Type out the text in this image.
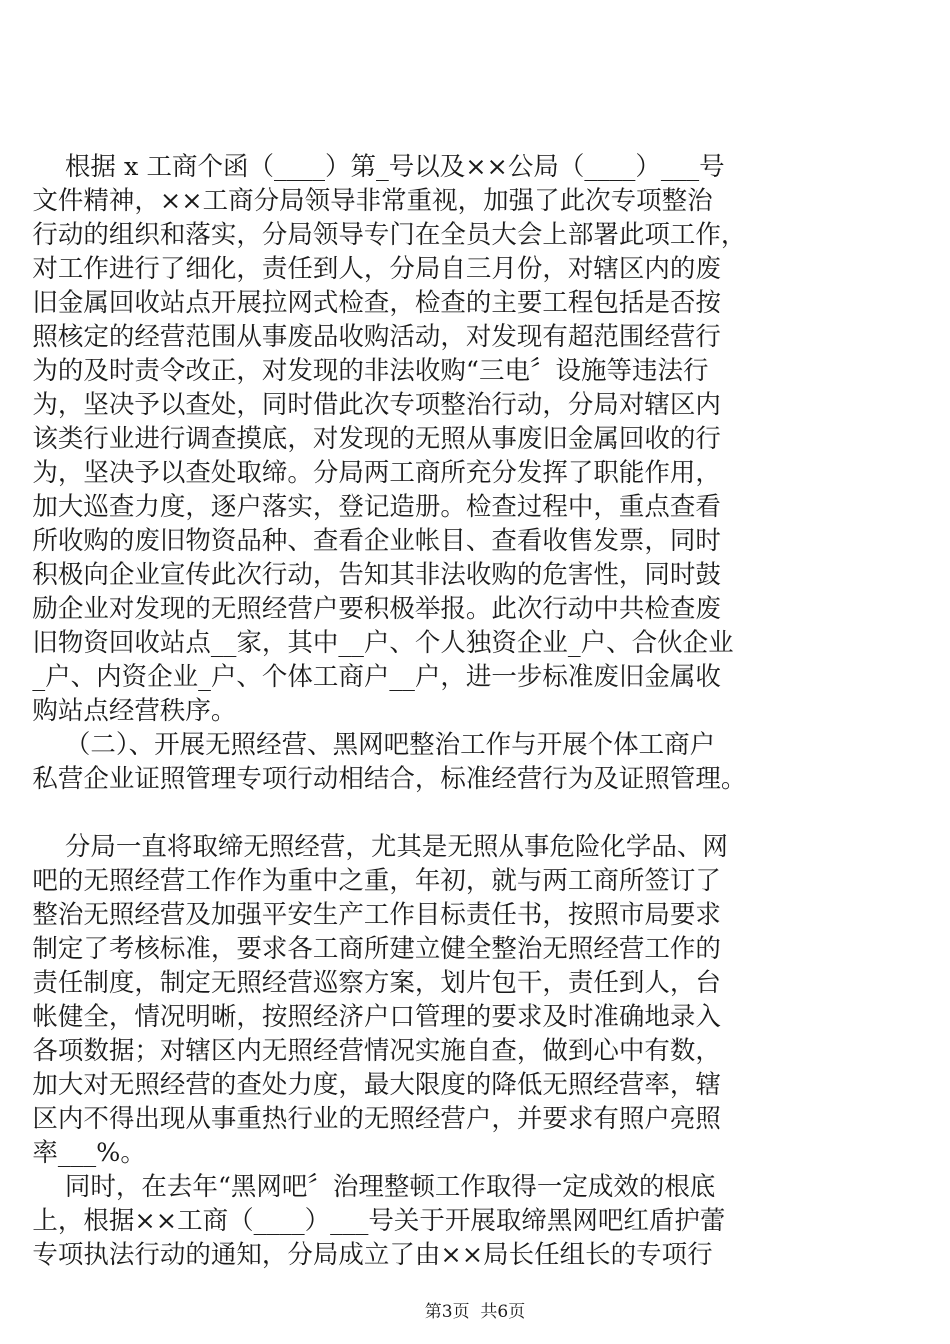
根据 x 工商个函（____）第_号以及××公局（____）___号

文件精神，××工商分局领导非常重视，加强了此次专项整治

行动的组织和落实，分局领导专门在全员大会上部署此项工作，

对工作进行了细化，责任到人，分局自三月份，对辖区内的废

旧金属回收站点开展拉网式检查，检查的主要工程包括是否按

照核定的经营范围从事废品收购活动，对发现有超范围经营行

为的及时责令改正，对发现的非法收购“三电〞设施等违法行

为，坚决予以查处，同时借此次专项整治行动，分局对辖区内

该类行业进行调查摸底，对发现的无照从事废旧金属回收的行

为，坚决予以查处取缔。分局两工商所充分发挥了职能作用，

加大巡查力度，逐户落实，登记造册。检查过程中，重点查看

所收购的废旧物资品种、查看企业帐目、查看收售发票，同时

积极向企业宣传此次行动，告知其非法收购的危害性，同时鼓

励企业对发现的无照经营户要积极举报。此次行动中共检查废

旧物资回收站点__家，其中__户、个人独资企业_户、合伙企业

_户、内资企业_户、个体工商户__户，进一步标准废旧金属收

购站点经营秩序。

（二）、开展无照经营、黑网吧整治工作与开展个体工商户

私营企业证照管理专项行动相结合，标准经营行为及证照管理。

分局一直将取缔无照经营，尤其是无照从事危险化学品、网

吧的无照经营工作作为重中之重，年初，就与两工商所签订了

整治无照经营及加强平安生产工作目标责任书，按照市局要求

制定了考核标准，要求各工商所建立健全整治无照经营工作的

责任制度，制定无照经营巡察方案，划片包干，责任到人，台

帐健全，情况明晰，按照经济户口管理的要求及时准确地录入

各项数据；对辖区内无照经营情况实施自查，做到心中有数，

加大对无照经营的查处力度，最大限度的降低无照经营率，辖

区内不得出现从事重热行业的无照经营户，并要求有照户亮照

率___%。

同时，在去年“黑网吧〞治理整顿工作取得一定成效的根底

上，根据××工商（____）___号关于开展取缔黑网吧红盾护蕾

专项执法行动的通知，分局成立了由××局长任组长的专项行

第3页  共6页
